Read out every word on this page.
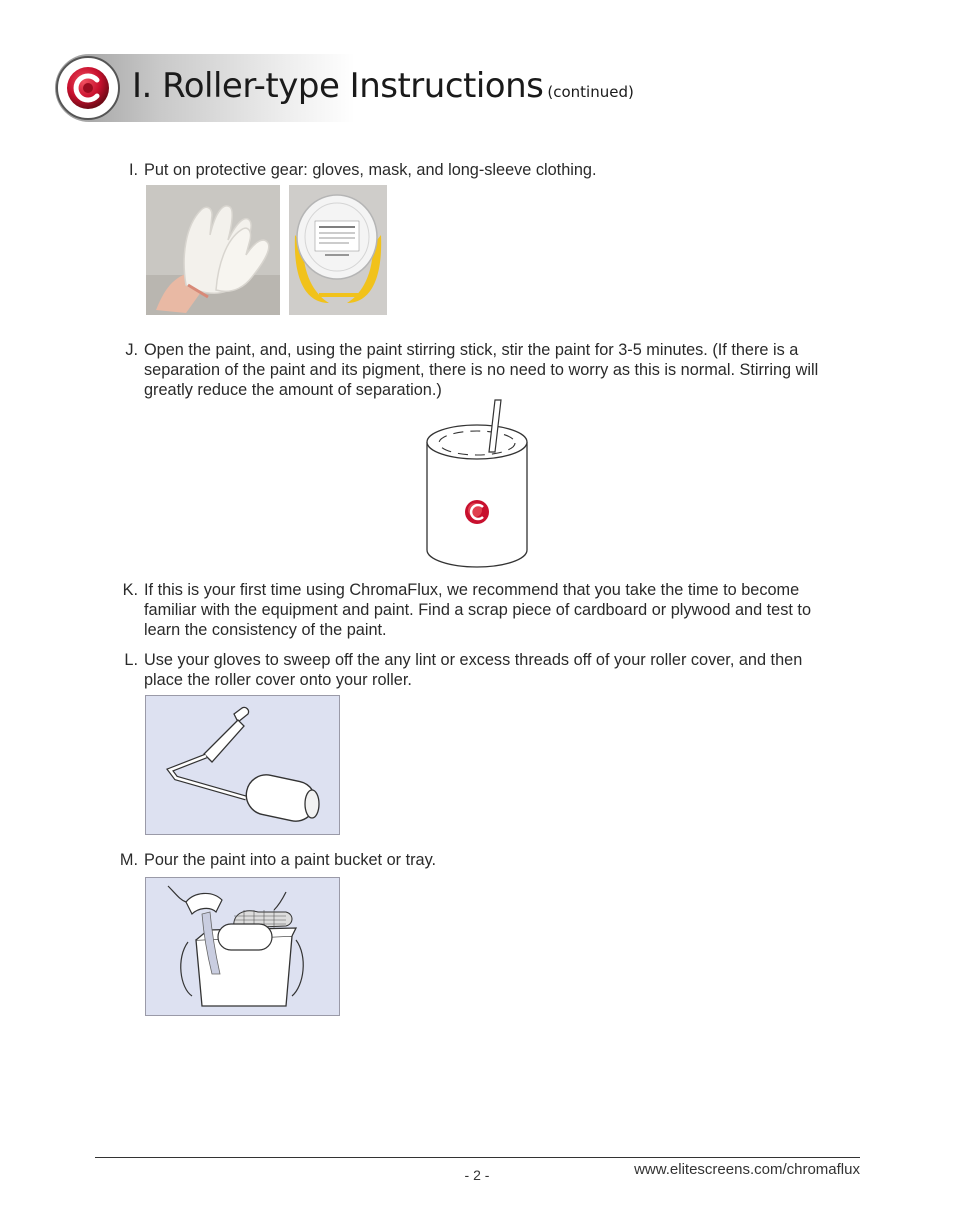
I. Roller-type Instructions (continued)
I. Put on protective gear: gloves, mask, and long-sleeve clothing.
J. Open the paint, and, using the paint stirring stick, stir the paint for 3-5 minutes. (If there is a separation of the paint and its pigment, there is no need to worry as this is normal. Stirring will greatly reduce the amount of separation.)
K. If this is your first time using ChromaFlux, we recommend that you take the time to become familiar with the equipment and paint. Find a scrap piece of cardboard or plywood and test to learn the consistency of the paint.
L. Use your gloves to sweep off the any lint or excess threads off of your roller cover, and then place the roller cover onto your roller.
M. Pour the paint into a paint bucket or tray.
- 2 -	www.elitescreens.com/chromaflux
